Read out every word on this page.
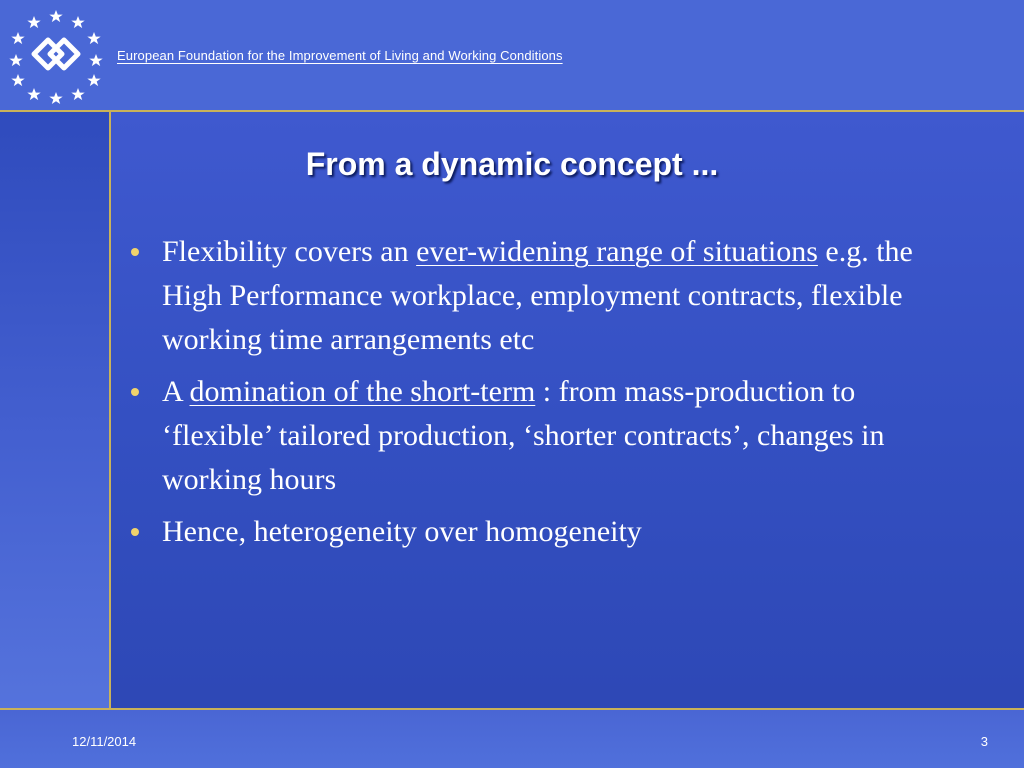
European Foundation for the Improvement of Living and Working Conditions
From a dynamic concept ...
Flexibility covers an ever-widening range of situations e.g. the High Performance workplace, employment contracts, flexible working time arrangements etc
A domination of the short-term : from mass-production to ‘flexible’ tailored production, ‘shorter contracts’, changes in working hours
Hence, heterogeneity over homogeneity
12/11/2014	3
